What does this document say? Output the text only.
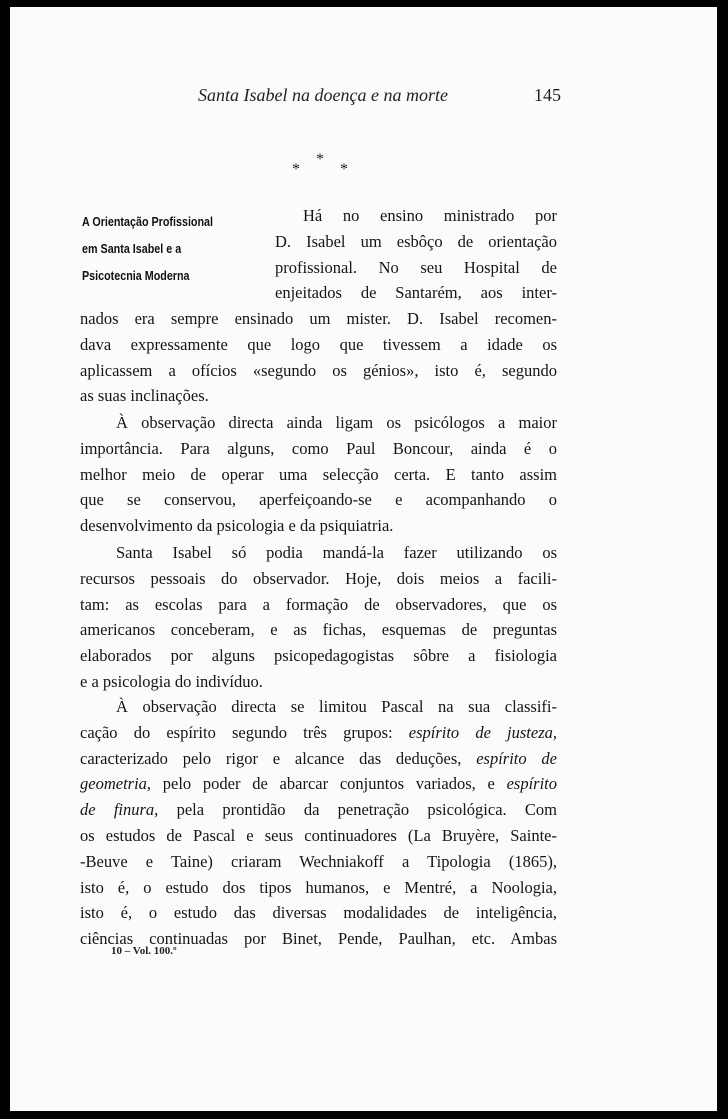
Santa Isabel na doença e na morte	145
*
*	*
A Orientação Profissional
em Santa Isabel e a
Psicotecnia Moderna
Há no ensino ministrado por
D. Isabel um esbôço de orientação
profissional. No seu Hospital de
enjeitados de Santarém, aos inter-
nados era sempre ensinado um mister. D. Isabel recomen-
dava expressamente que logo que tivessem a idade os
aplicassem a ofícios «segundo os génios», isto é, segundo
as suas inclinações.
À observação directa ainda ligam os psicólogos a maior
importância. Para alguns, como Paul Boncour, ainda é o
melhor meio de operar uma selecção certa. E tanto assim
que se conservou, aperfeiçoando-se e acompanhando o
desenvolvimento da psicologia e da psiquiatria.
Santa Isabel só podia mandá-la fazer utilizando os
recursos pessoais do observador. Hoje, dois meios a facili-
tam: as escolas para a formação de observadores, que os
americanos conceberam, e as fichas, esquemas de preguntas
elaborados por alguns psicopedagogistas sôbre a fisiologia
e a psicologia do indivíduo.
À observação directa se limitou Pascal na sua classifi-
cação do espírito segundo três grupos: espírito de justeza,
caracterizado pelo rigor e alcance das deduções, espírito de
geometria, pelo poder de abarcar conjuntos variados, e espírito
de finura, pela prontidão da penetração psicológica. Com
os estudos de Pascal e seus continuadores (La Bruyère, Sainte-
-Beuve e Taine) criaram Wechniakoff a Tipologia (1865),
isto é, o estudo dos tipos humanos, e Mentré, a Noologia,
isto é, o estudo das diversas modalidades de inteligência,
ciências continuadas por Binet, Pende, Paulhan, etc. Ambas
10 – Vol. 100.º
